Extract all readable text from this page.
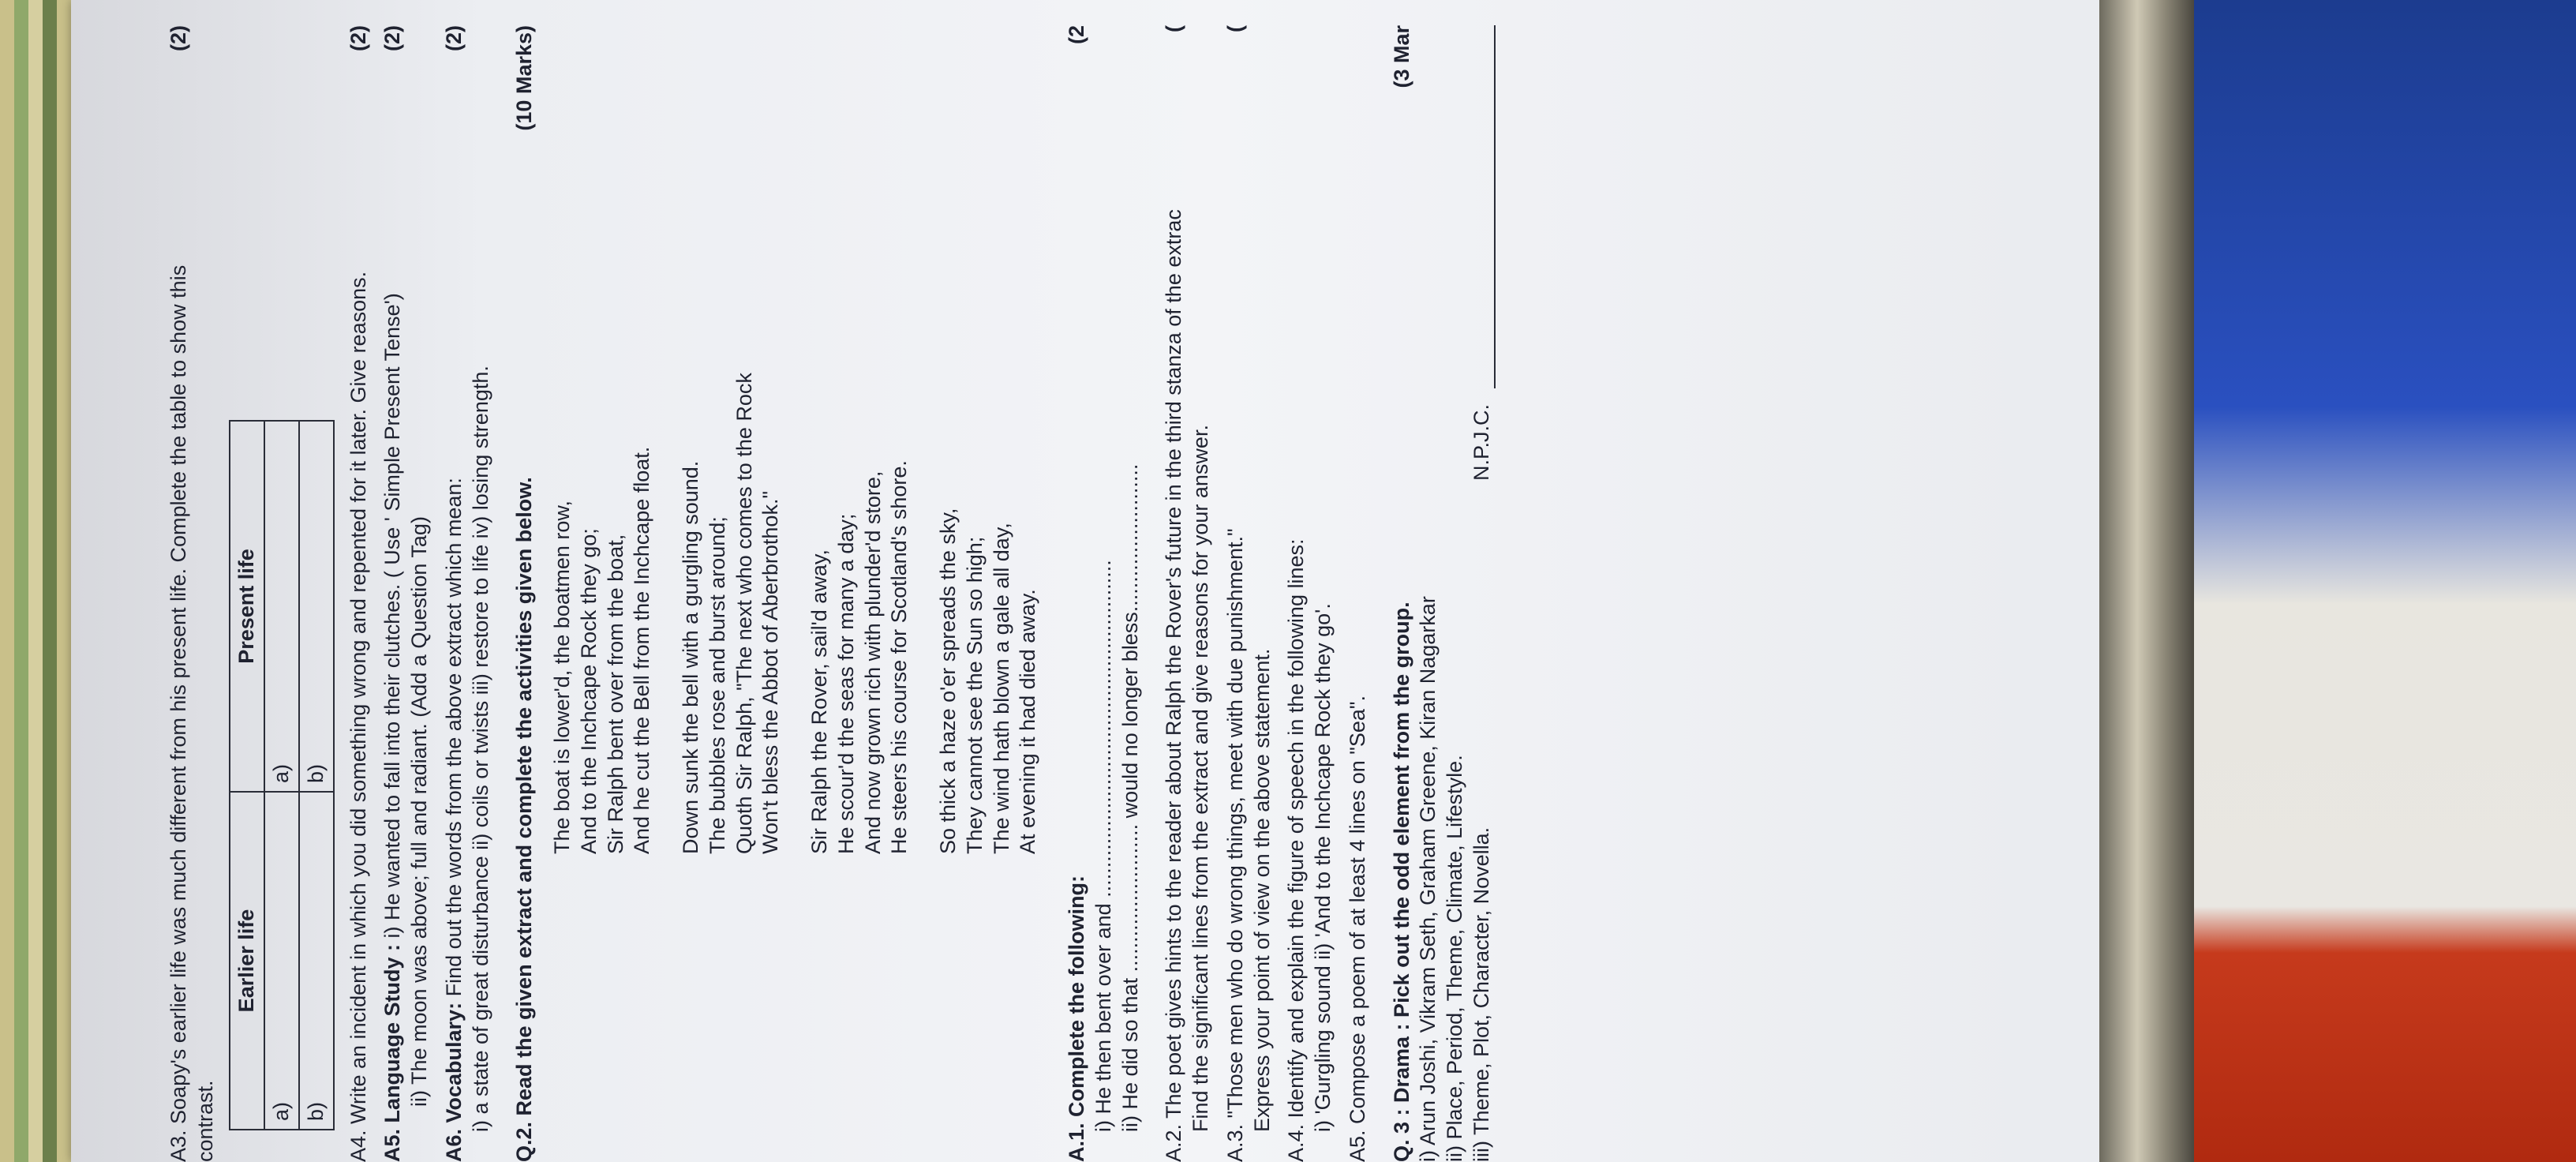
A3. Soapy's earlier life was much different from his present life. Complete the table to show this

(2)

contrast.

Earlier life	Present life
a)	a)
b)	b) A4. Write an incident in which you did something wrong and repented for it later. Give reasons.

(2)

A5. Language Study : i) He wanted to fall into their clutches. ( Use ' Simple Present Tense')

(2)

ii) The moon was above; full and radiant. (Add a Question Tag) A6. Vocabulary: Find out the words from the above extract which mean:

(2)

i) a state of great disturbance ii) coils or twists iii) restore to life iv) losing strength. Q.2. Read the given extract and complete the activities given below.

(10 Marks)
The boat is lower'd, the boatmen row, And to the Inchcape Rock they go; Sir Ralph bent over from the boat, And he cut the Bell from the Inchcape float. Down sunk the bell with a gurgling sound. The bubbles rose and burst around; Quoth Sir Ralph, "The next who comes to the Rock Won't bless the Abbot of Aberbrothok." Sir Ralph the Rover, sail'd away, He scour'd the seas for many a day; And now grown rich with plunder'd store, He steers his course for Scotland's shore. So thick a haze o'er spreads the sky, They cannot see the Sun so high; The wind hath blown a gale all day, At evening it had died away.

A.1. Complete the following:

(2

i) He then bent over and ......................................................... ii) He did so that ......................... would no longer bless......................... A.2. The poet gives hints to the reader about Ralph the Rover's future in the third stanza of the extrac

(

Find the significant lines from the extract and give reasons for your answer. A.3. "Those men who do wrong things, meet with due punishment."

(

Express your point of view on the above statement. A.4. Identify and explain the figure of speech in the following lines: i) 'Gurgling sound ii) 'And to the Inchcape Rock they go'. A5. Compose a poem of at least 4 lines on "Sea". Q. 3 : Drama : Pick out the odd element from the group.

(3 Mar

i) Arun Joshi, Vikram Seth, Graham Greene, Kiran Nagarkar ii) Place, Period, Theme, Climate, Lifestyle. iii) Theme, Plot, Character, Novella.

N.P.J.C.
